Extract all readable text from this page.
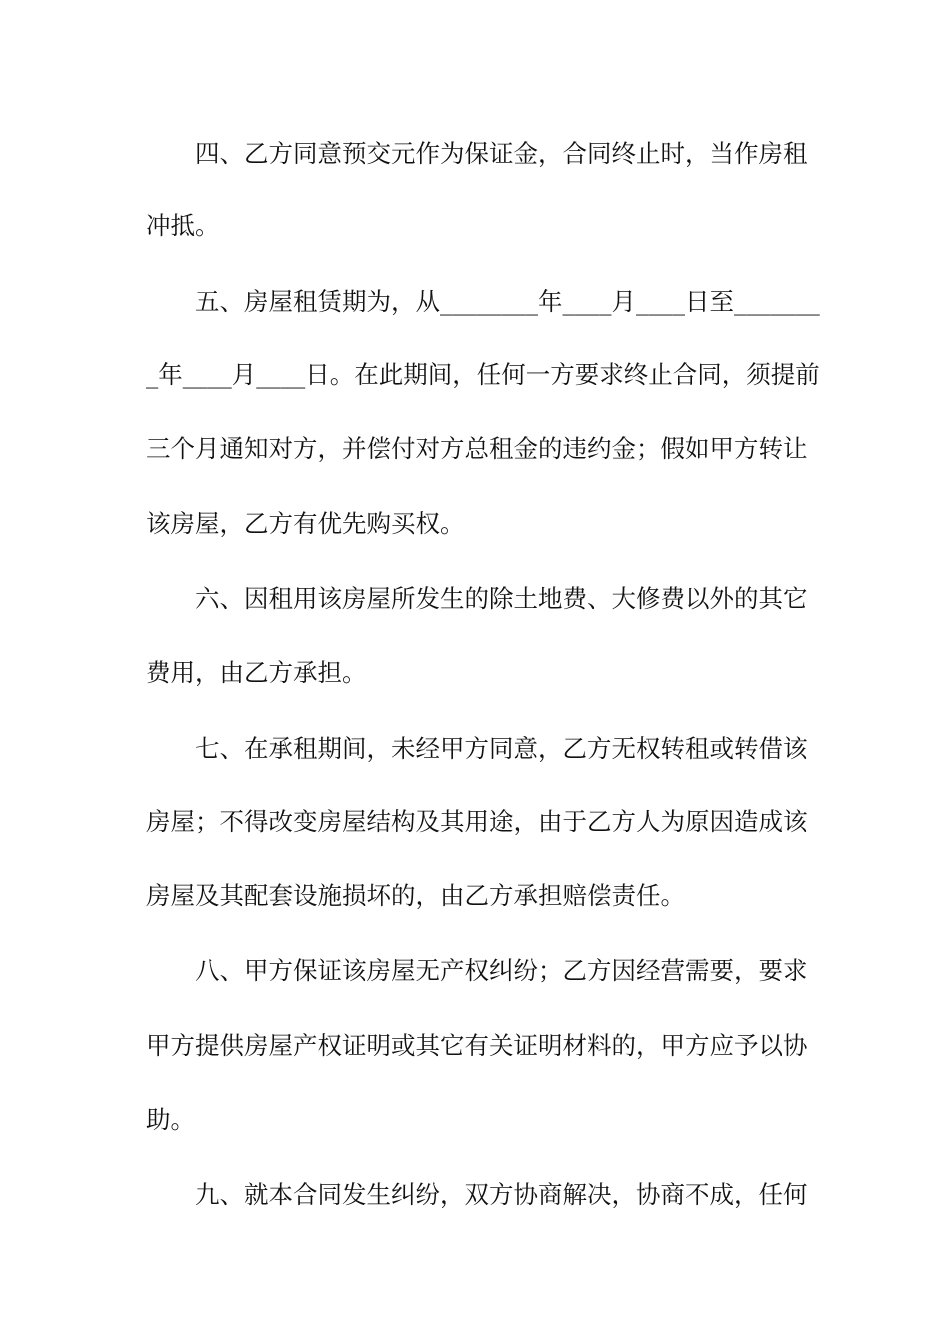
四、乙方同意预交元作为保证金，合同终止时，当作房租
冲抵。
五、房屋租赁期为，从________年____月____日至_______
_年____月____日。在此期间，任何一方要求终止合同，须提前
三个月通知对方，并偿付对方总租金的违约金；假如甲方转让
该房屋，乙方有优先购买权。
六、因租用该房屋所发生的除土地费、大修费以外的其它
费用，由乙方承担。
七、在承租期间，未经甲方同意，乙方无权转租或转借该
房屋；不得改变房屋结构及其用途，由于乙方人为原因造成该
房屋及其配套设施损坏的，由乙方承担赔偿责任。
八、甲方保证该房屋无产权纠纷；乙方因经营需要，要求
甲方提供房屋产权证明或其它有关证明材料的，甲方应予以协
助。
九、就本合同发生纠纷，双方协商解决，协商不成，任何
